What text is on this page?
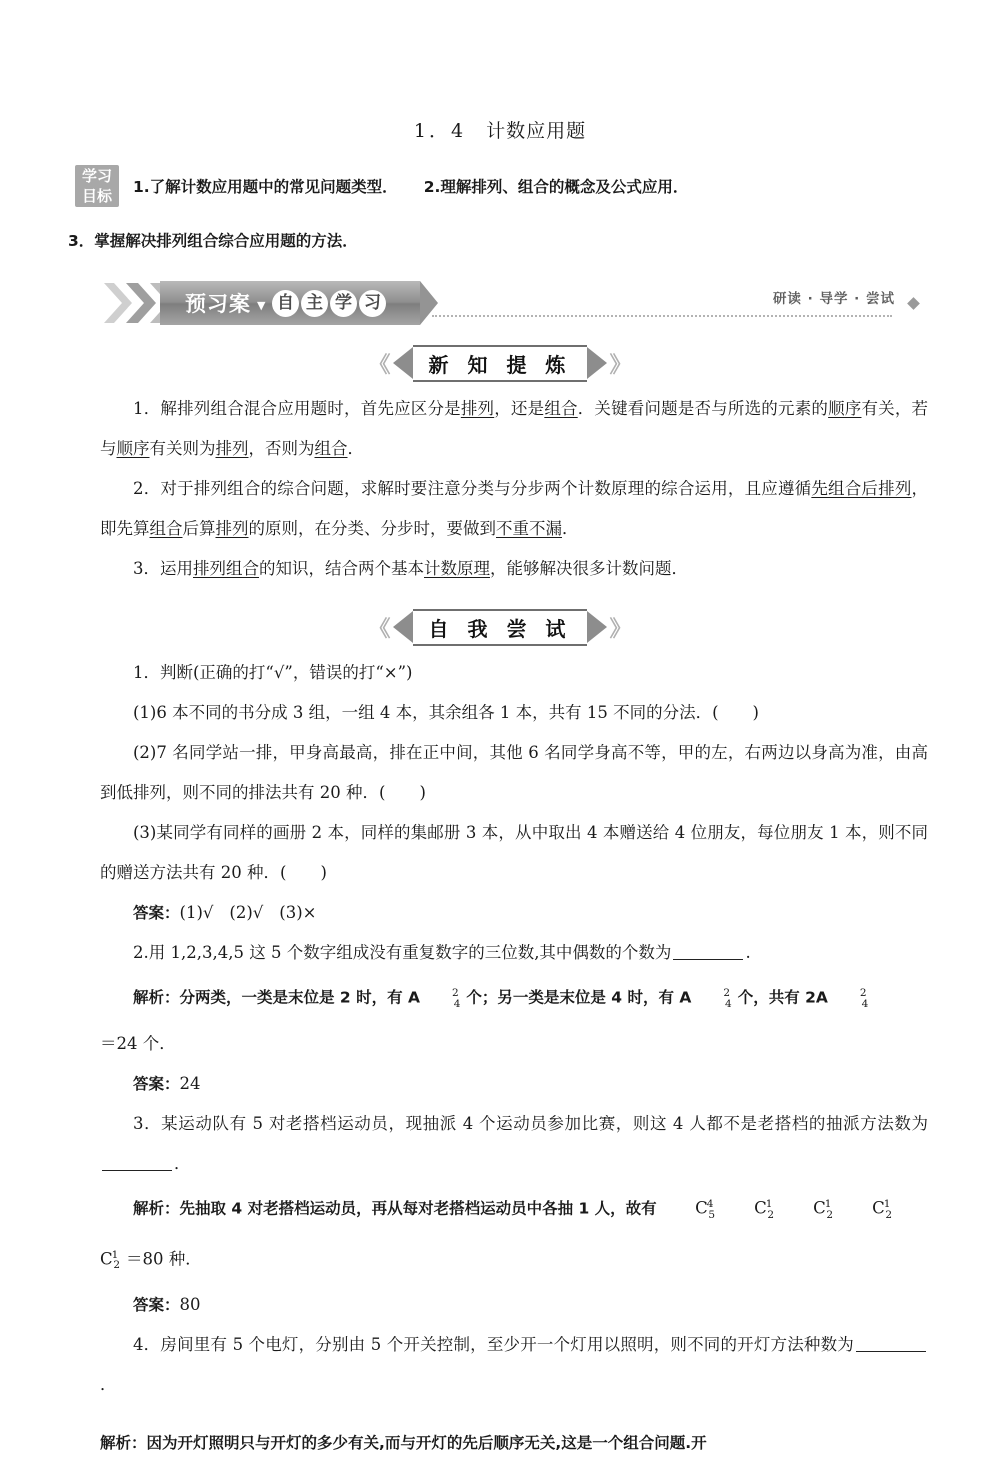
1．4 计数应用题
学习
目标	1.了解计数应用题中的常见问题类型． 2.理解排列、组合的概念及公式应用．
3．掌握解决排列组合综合应用题的方法．
预习案 ▼ 自 主 学 习	研读 · 导学 · 尝试
《	新 知 提 炼	》

1．解排列组合混合应用题时，首先应区分是排列，还是组合．关键看问题是否与所选的元素的顺序有关，若与顺序有关则为排列，否则为组合．

2．对于排列组合的综合问题，求解时要注意分类与分步两个计数原理的综合运用，且应遵循先组合后排列，即先算组合后算排列的原则，在分类、分步时，要做到不重不漏．

3．运用排列组合的知识，结合两个基本计数原理，能够解决很多计数问题．

《	自 我 尝 试	》

1．判断(正确的打“√”，错误的打“×”)

(1)6 本不同的书分成 3 组，一组 4 本，其余组各 1 本，共有 15 不同的分法．( )

(2)7 名同学站一排，甲身高最高，排在正中间，其他 6 名同学身高不等，甲的左，右两边以身高为准，由高到低排列，则不同的排法共有 20 种．( )

(3)某同学有同样的画册 2 本，同样的集邮册 3 本，从中取出 4 本赠送给 4 位朋友，每位朋友 1 本，则不同的赠送方法共有 20 种．( )

答案：(1)√ (2)√ (3)×

2.用 1,2,3,4,5 这 5 个数字组成没有重复数字的三位数,其中偶数的个数为	.

解析：分两类，一类是末位是 2 时，有 A	$^2_4$ 个；另一类是末位是 4 时，有 A	$^2_4$ 个，共有 2A	$^2_4$

＝24 个．

答案：24

3．某运动队有 5 对老搭档运动员，现抽派 4 个运动员参加比赛，则这 4 人都不是老搭档的抽派方法数为．

解析：先抽取 4 对老搭档运动员，再从每对老搭档运动员中各抽 1 人，故有 $C^4_5$ $C^1_2$ $C^1_2$ $C^1_2$

$C^1_2 =80$ 种．

答案：80

4．房间里有 5 个电灯，分别由 5 个开关控制，至少开一个灯用以照明，则不同的开灯方法种数为．

解析：因为开灯照明只与开灯的多少有关,而与开灯的先后顺序无关,这是一个组合问题.开
